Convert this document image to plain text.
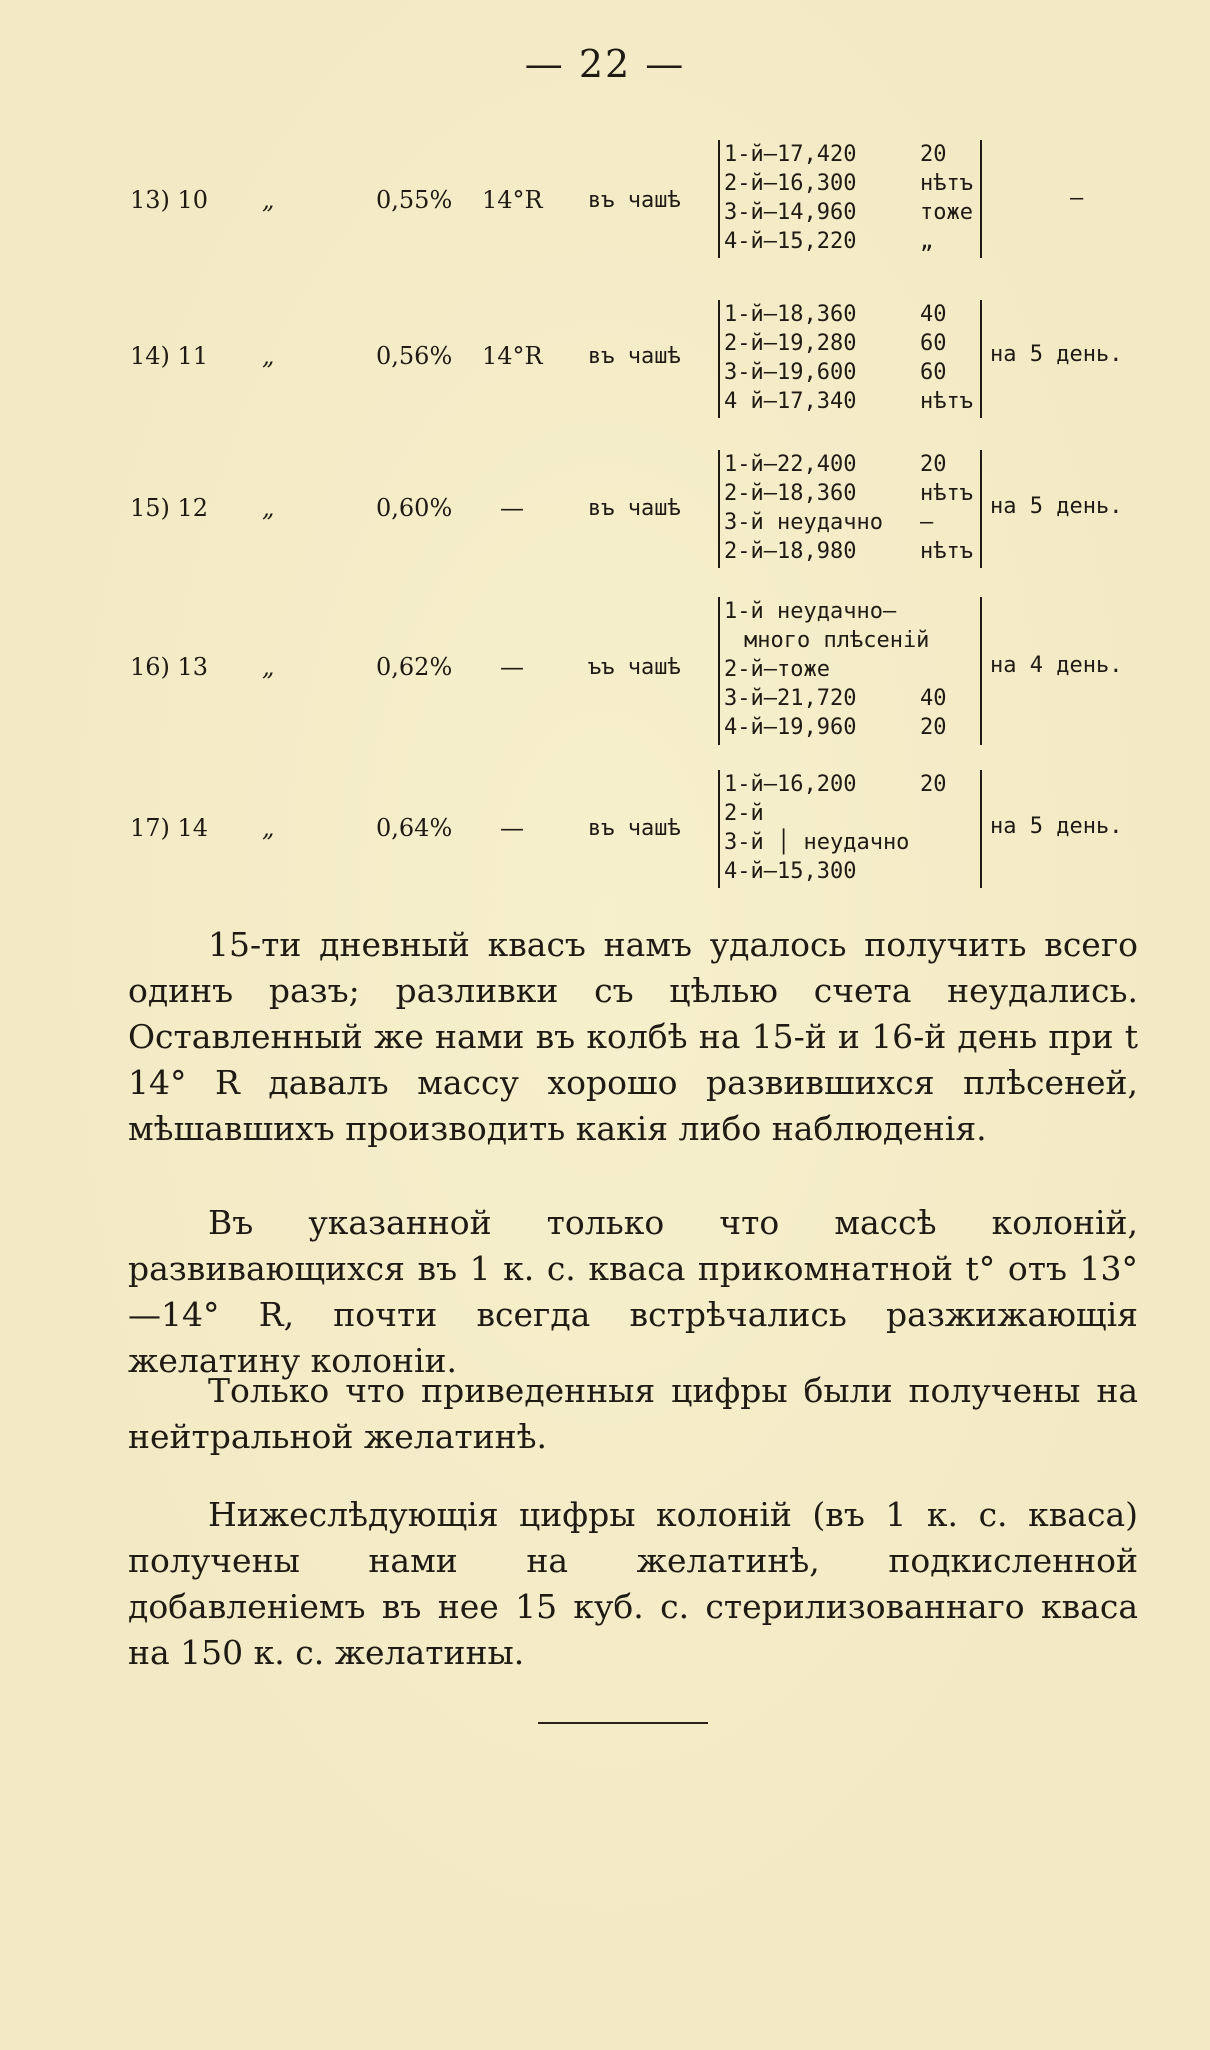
— 22 —
13) 10 „	0,55% 14°R въ чашѣ
1-й—17,420	20
2-й—16,300	нѣтъ
3-й—14,960	тоже
4-й—15,220	„
—
14) 11 „	0,56% 14°R въ чашѣ
1-й—18,360	40
2-й—19,280	60
3-й—19,600	60
4 й—17,340	нѣтъ
на 5 день.
15) 12 „	0,60% —	въ чашѣ
1-й—22,400	20
2-й—18,360	нѣтъ
3-й неудачно —
2-й—18,980	нѣтъ
на 5 день.
16) 13 „	0,62% —	ъъ чашѣ
1-й неудачно—
много плѣсеній
2-й—тоже
3-й—21,720	40
4-й—19,960	20
на 4 день.
17) 14 „	0,64% —	въ чашѣ
1-й—16,200	20
2-й
3-й │ неудачно
4-й—15,300
на 5 день.
15-ти дневный квасъ намъ удалось получить всего одинъ разъ; разливки съ цѣлью счета неудались. Оставленный же нами въ колбѣ на 15-й и 16-й день при t 14° R давалъ массу хорошо развившихся плѣсеней, мѣшавшихъ производить какія либо наблюденія.
Въ указанной только что массѣ колоній, развивающихся въ 1 к. с. кваса прикомнатной t° отъ 13°—14° R, почти всегда встрѣчались разжижающія желатину колоніи.
Только что приведенныя цифры были получены на нейтральной желатинѣ.
Нижеслѣдующія цифры колоній (въ 1 к. с. кваса) получены нами на желатинѣ, подкисленной добавленіемъ въ нее 15 куб. с. стерилизованнаго кваса на 150 к. с. желатины.
